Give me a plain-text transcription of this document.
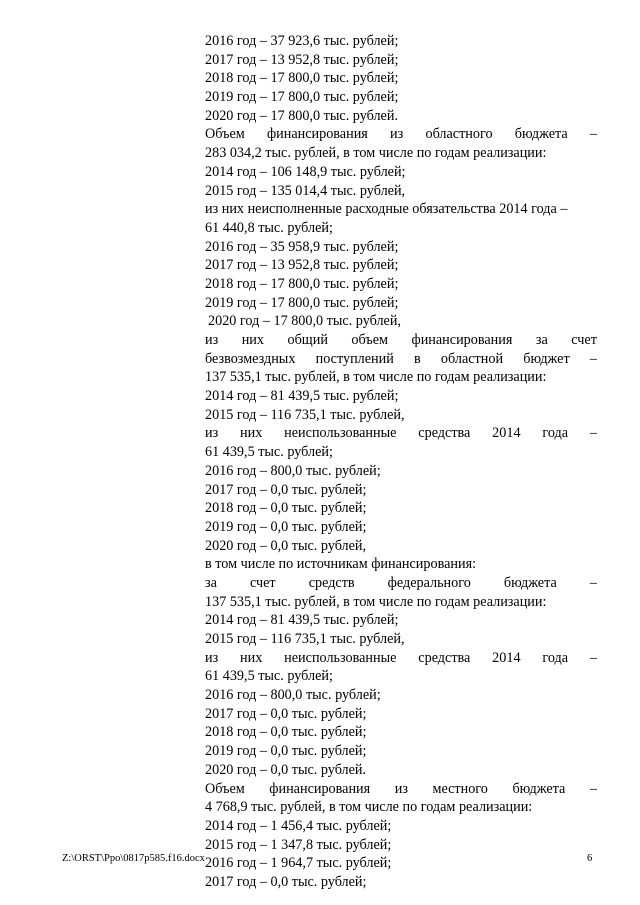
2016 год – 37 923,6 тыс. рублей;
2017 год – 13 952,8 тыс. рублей;
2018 год – 17 800,0 тыс. рублей;
2019 год – 17 800,0 тыс. рублей;
2020 год – 17 800,0 тыс. рублей.
Объем финансирования из областного бюджета –
283 034,2 тыс. рублей, в том числе по годам реализации:
2014 год – 106 148,9 тыс. рублей;
2015 год – 135 014,4 тыс. рублей,
из них неисполненные расходные обязательства 2014 года –
61 440,8 тыс. рублей;
2016 год – 35 958,9 тыс. рублей;
2017 год – 13 952,8 тыс. рублей;
2018 год – 17 800,0 тыс. рублей;
2019 год – 17 800,0 тыс. рублей;
2020 год – 17 800,0 тыс. рублей,
из них общий объем финансирования за счет
безвозмездных поступлений в областной бюджет –
137 535,1 тыс. рублей, в том числе по годам реализации:
2014 год – 81 439,5 тыс. рублей;
2015 год – 116 735,1 тыс. рублей,
из них неиспользованные средства 2014 года –
61 439,5 тыс. рублей;
2016 год – 800,0 тыс. рублей;
2017 год – 0,0 тыс. рублей;
2018 год – 0,0 тыс. рублей;
2019 год – 0,0 тыс. рублей;
2020 год – 0,0 тыс. рублей,
в том числе по источникам финансирования:
за счет средств федерального бюджета –
137 535,1 тыс. рублей, в том числе по годам реализации:
2014 год – 81 439,5 тыс. рублей;
2015 год – 116 735,1 тыс. рублей,
из них неиспользованные средства 2014 года –
61 439,5 тыс. рублей;
2016 год – 800,0 тыс. рублей;
2017 год – 0,0 тыс. рублей;
2018 год – 0,0 тыс. рублей;
2019 год – 0,0 тыс. рублей;
2020 год – 0,0 тыс. рублей.
Объем финансирования из местного бюджета –
4 768,9 тыс. рублей, в том числе по годам реализации:
2014 год – 1 456,4 тыс. рублей;
2015 год – 1 347,8 тыс. рублей;
2016 год – 1 964,7 тыс. рублей;
2017 год – 0,0 тыс. рублей;
Z:\ORST\Ppo\0817p585.f16.docx	6
